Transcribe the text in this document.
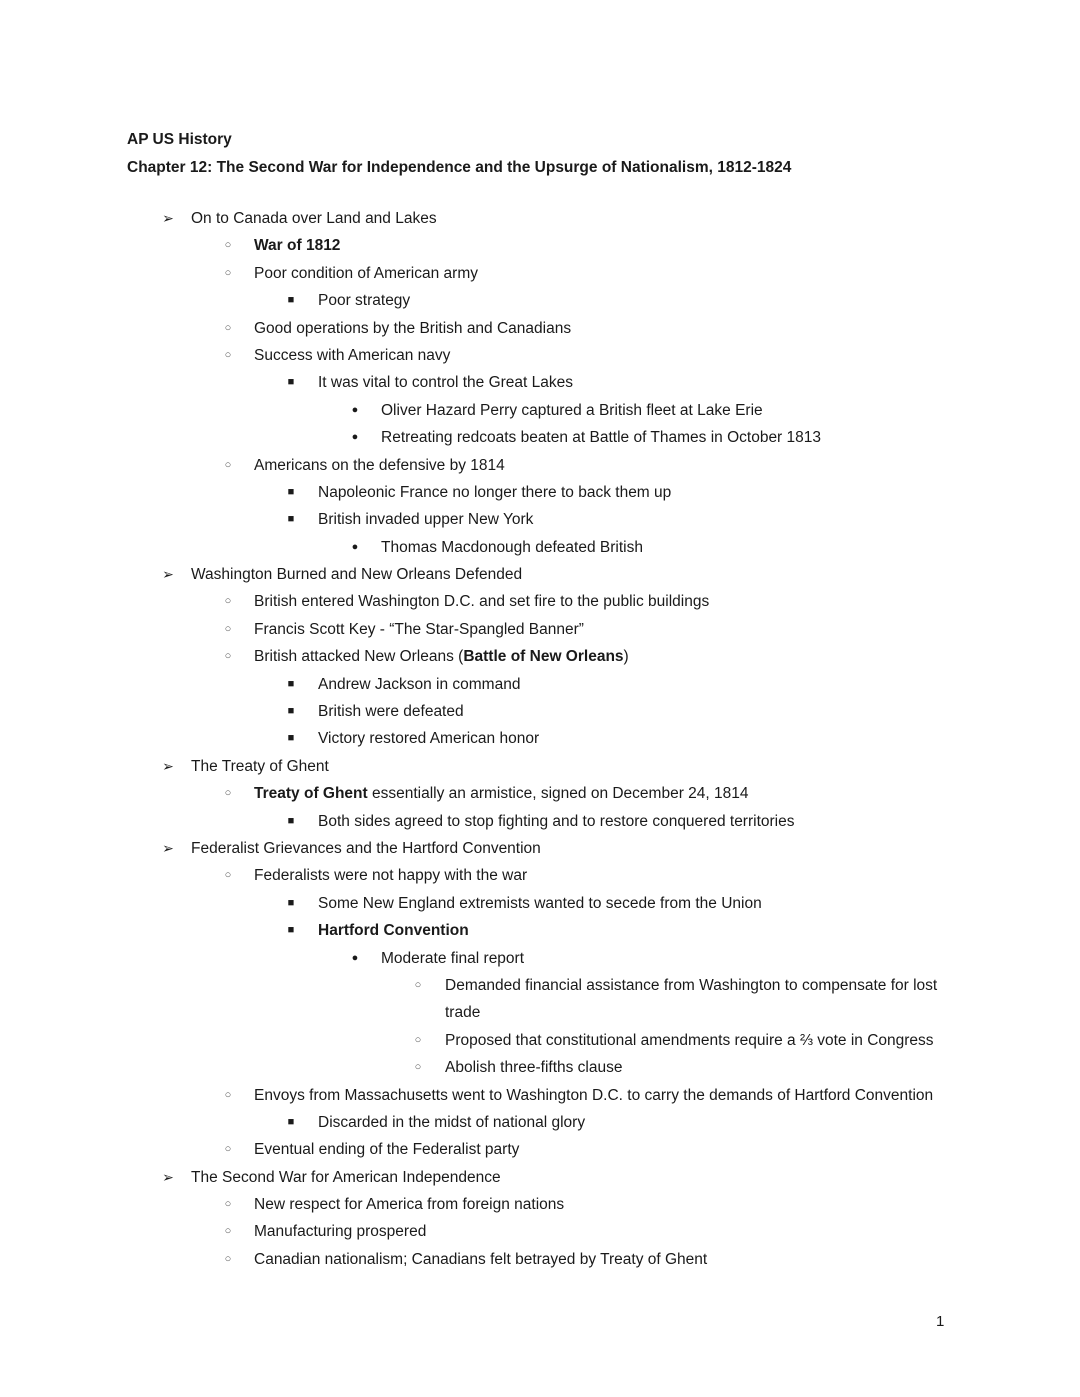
AP US History
Chapter 12: The Second War for Independence and the Upsurge of Nationalism, 1812-1824
➢ On to Canada over Land and Lakes
○	War of 1812
○	Poor condition of American army
■	Poor strategy
○	Good operations by the British and Canadians
○	Success with American navy
■	It was vital to control the Great Lakes
●	Oliver Hazard Perry captured a British fleet at Lake Erie
●	Retreating redcoats beaten at Battle of Thames in October 1813
○	Americans on the defensive by 1814
■	Napoleonic France no longer there to back them up
■	British invaded upper New York
●	Thomas Macdonough defeated British
➢ Washington Burned and New Orleans Defended
○	British entered Washington D.C. and set fire to the public buildings
○	Francis Scott Key - “The Star-Spangled Banner”
○	British attacked New Orleans (Battle of New Orleans)
■	Andrew Jackson in command
■	British were defeated
■	Victory restored American honor
➢ The Treaty of Ghent
○	Treaty of Ghent essentially an armistice, signed on December 24, 1814
■	Both sides agreed to stop fighting and to restore conquered territories
➢ Federalist Grievances and the Hartford Convention
○	Federalists were not happy with the war
■	Some New England extremists wanted to secede from the Union
■	Hartford Convention
●	Moderate final report
○	Demanded financial assistance from Washington to compensate for lost trade
○	Proposed that constitutional amendments require a ⅔ vote in Congress
○	Abolish three-fifths clause
○	Envoys from Massachusetts went to Washington D.C. to carry the demands of Hartford Convention
■	Discarded in the midst of national glory
○	Eventual ending of the Federalist party
➢ The Second War for American Independence
○	New respect for America from foreign nations
○	Manufacturing prospered
○	Canadian nationalism; Canadians felt betrayed by Treaty of Ghent
1
